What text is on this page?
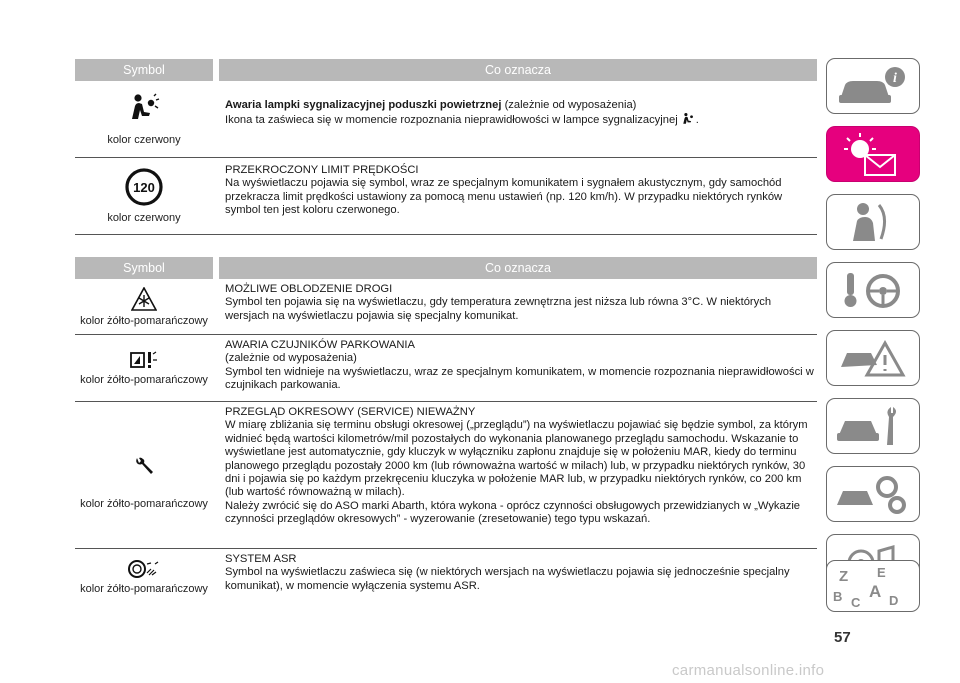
Symbol	Co oznacza
kolor czerwony
Awaria lampki sygnalizacyjnej poduszki powietrznej (zależnie od wyposażenia)
Ikona ta zaświeca się w momencie rozpoznania nieprawidłowości w lampce sygnalizacyjnej .
120
kolor czerwony
PRZEKROCZONY LIMIT PRĘDKOŚCI
Na wyświetlaczu pojawia się symbol, wraz ze specjalnym komunikatem i sygnałem akustycznym, gdy samochód przekracza limit prędkości ustawiony za pomocą menu ustawień (np. 120 km/h). W przypadku niektórych rynków symbol ten jest koloru czerwonego.
Symbol	Co oznacza
kolor żółto-pomarańczowy
MOŻLIWE OBLODZENIE DROGI
Symbol ten pojawia się na wyświetlaczu, gdy temperatura zewnętrzna jest niższa lub równa 3°C. W niektórych wersjach na wyświetlaczu pojawia się specjalny komunikat.
kolor żółto-pomarańczowy
AWARIA CZUJNIKÓW PARKOWANIA
(zależnie od wyposażenia)
Symbol ten widnieje na wyświetlaczu, wraz ze specjalnym komunikatem, w momencie rozpoznania nieprawidłowości w czujnikach parkowania.
kolor żółto-pomarańczowy
PRZEGLĄD OKRESOWY (SERVICE) NIEWAŻNY
W miarę zbliżania się terminu obsługi okresowej („przeglądu”) na wyświetlaczu pojawiać się będzie symbol, za którym widnieć będą wartości kilometrów/mil pozostałych do wykonania planowanego przeglądu samochodu. Wskazanie to wyświetlane jest automatycznie, gdy kluczyk w wyłączniku zapłonu znajduje się w położeniu MAR, kiedy do terminu planowego przeglądu pozostały 2000 km (lub równoważna wartość w milach) lub, w przypadku niektórych rynków, 30 dni i pojawia się po każdym przekręceniu kluczyka w położenie MAR lub, w przypadku niektórych rynków, co 200 km (lub wartość równoważną w milach).
Należy zwrócić się do ASO marki Abarth, która wykona - oprócz czynności obsługowych przewidzianych w „Wykazie czynności przeglądów okresowych” - wyzerowanie (zresetowanie) tego typu wskazań.
kolor żółto-pomarańczowy
SYSTEM ASR
Symbol na wyświetlaczu zaświeca się (w niektórych wersjach na wyświetlaczu pojawia się jednocześnie specjalny komunikat), w momencie wyłączenia systemu ASR.
i
Z E
B A
C D
57
carmanualsonline.info
